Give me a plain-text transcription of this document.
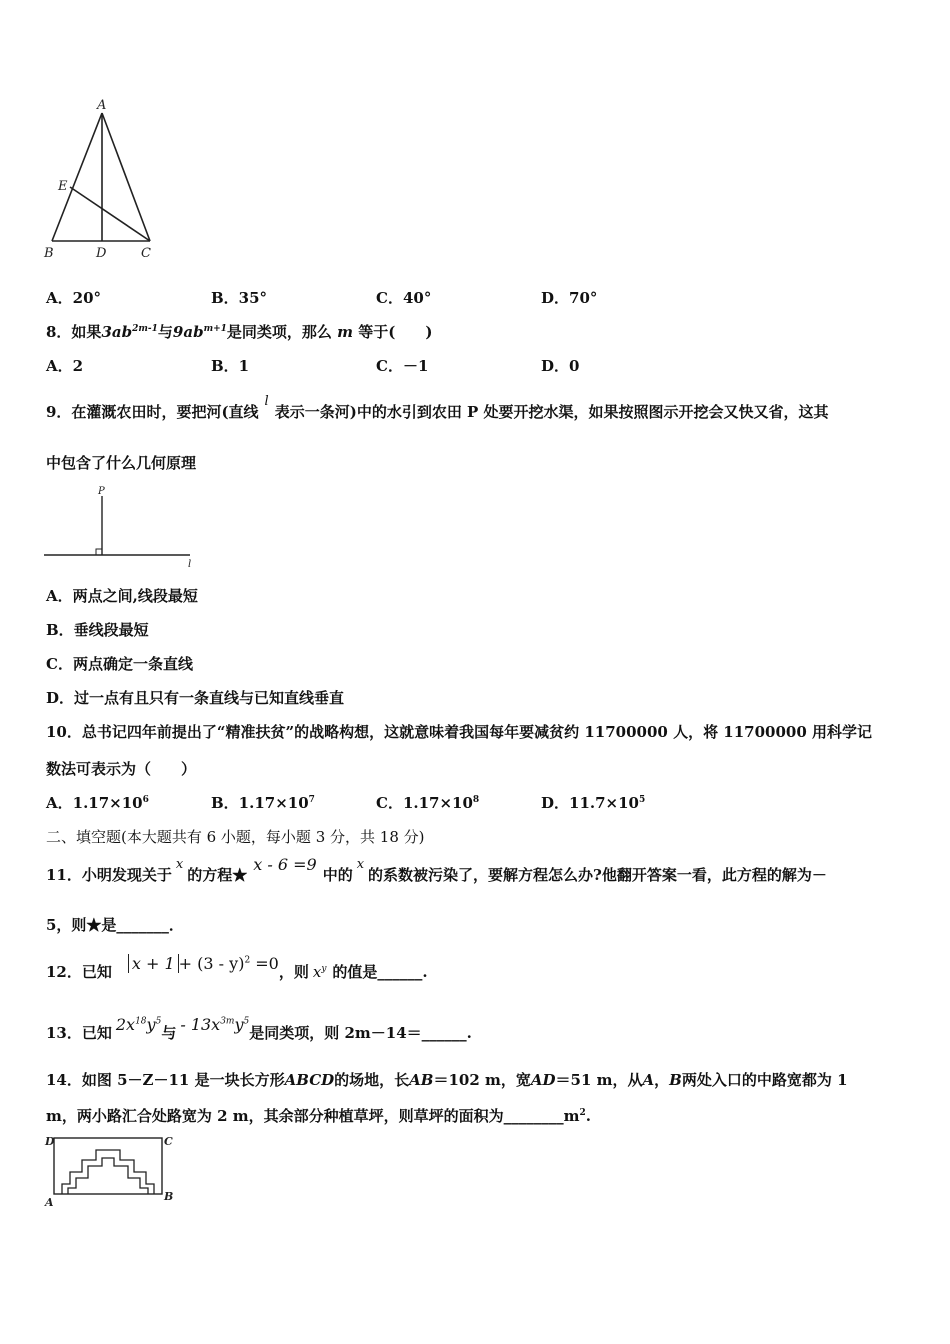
A
E
B	D	C
A．20°	B．35°	C．40°	D．70°
8．如果$3ab^{2m-1}$与$9ab^{m+1}$是同类项，那么 m 等于(　　)
A．2	B．1	C．－1	D．0
9．在灌溉农田时，要把河(直线l表示一条河)中的水引到农田 P 处要开挖水渠，如果按照图示开挖会又快又省，这其
中包含了什么几何原理
P
l
A．两点之间,线段最短
B．垂线段最短
C．两点确定一条直线
D．过一点有且只有一条直线与已知直线垂直
10．总书记四年前提出了“精准扶贫”的战略构想，这就意味着我国每年要减贫约 11700000 人，将 11700000 用科学记
数法可表示为（　　）
A．$1.17\times 10^6$	B．$1.17\times 10^7$	C．$1.17\times 10^8$	D．$11.7\times 10^5$
二、填空题(本大题共有 6 小题，每小题 3 分，共 18 分)
11．小明发现关于x的方程★x - 6 =9中的x的系数被污染了，要解方程怎么办?他翻开答案一看，此方程的解为－
5，则★是_______．
12．已知 x + 1 + (3 - y)$^2$ =0，则 $x^y$ 的值是______.
13．已知 $2x^{18}y^5$与 - $13x^{3m}y^5$是同类项，则 2m－14＝______.
14．如图 5－Z－11 是一块长方形ABCD的场地，长AB＝102 m，宽AD＝51 m，从A，B两处入口的中路宽都为 1
m，两小路汇合处路宽为 2 m，其余部分种植草坪，则草坪的面积为$\_\_\_\_\_\_\_\_m^2$.
D	C
A	B
